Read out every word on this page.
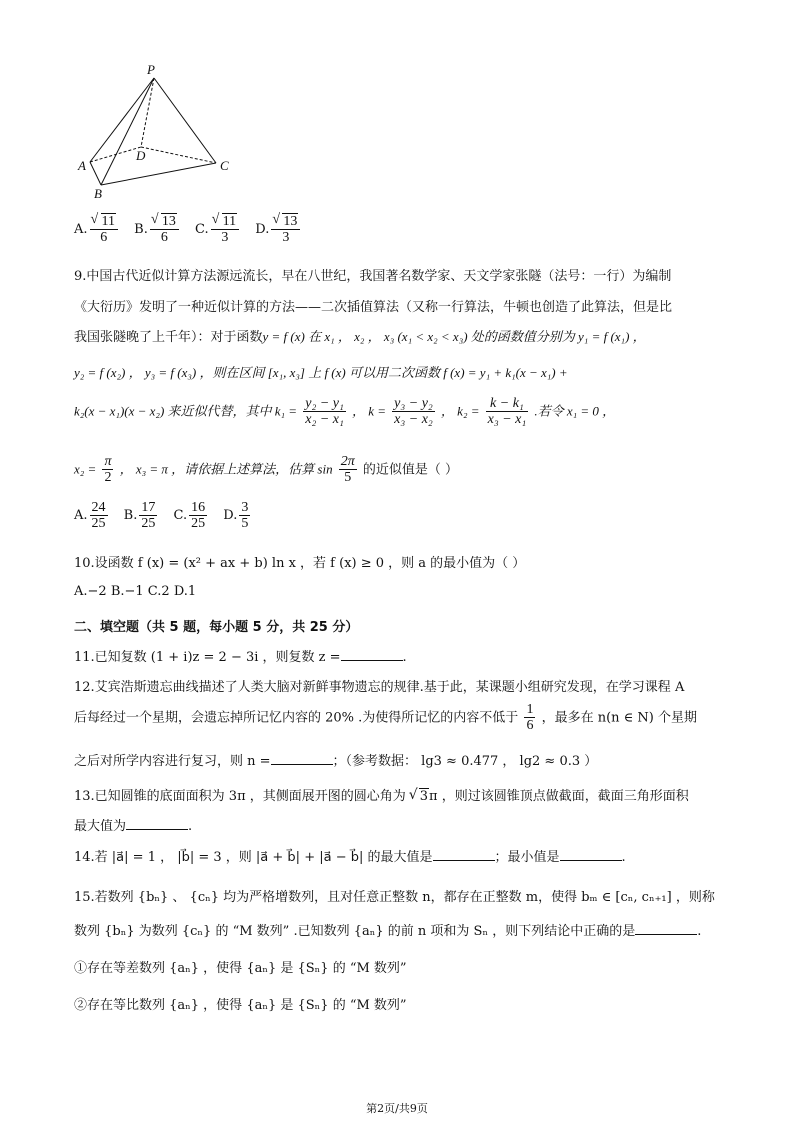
P
A
D
C
B
A. √ $\frac{11}{6} B$. √ $\frac{13}{6} C$. √ $\frac{11}{3} D$. √ $\frac{13}{3}$
9.中国古代近似计算方法源远流长，早在八世纪，我国著名数学家、天文学家张隧（法号：一行）为编制
《大衍历》发明了一种近似计算的方法——二次插值算法（又称一行算法，牛顿也创造了此算法，但是比
我国张隧晚了上千年）：对于函数y = f (x) 在 x₁ ， x₂ ， x₃ (x₁ < x₂ < x₃) 处的函数值分别为 y₁ = f (x₁) ，
y₂ = f (x₂) ， y₃ = f (x₃) ，则在区间 [x₁, x₃] 上 f (x) 可以用二次函数 f (x) = y₁ + k₁(x − x₁) +
k₂(x − x₁)(x − x₂) 来近似代替，其中 $k_1 = \frac{\text{y₂ − y₁}}{\text{x₂ − x₁}}$ ， $k = \frac{\text{y₃ − y₂}}{\text{x₃ − x₂}}$ ， $k_2 = \frac{\text{k − k₁}}{\text{x₃ − x₁}}$ .若令 x₁ = 0 ，
$x_2 = \frac{\pi}{2}$ ， x₃ = π ，请依据上述算法，估算 $\sin \frac{2\pi}{5}$ 的近似值是（ ）
A. $\frac{24}{25} B$. $\frac{17}{25} C$. $\frac{16}{25} D$. $\frac{3}{5}$
10.设函数 f (x) = (x² + ax + b) ln x ，若 f (x) ≥ 0 ，则 a 的最小值为（ ）
A.−2 B.−1 C.2 D.1
二、填空题（共 5 题，每小题 5 分，共 25 分）
11.已知复数 (1 + i)z = 2 − 3i ，则复数 z =	.
12.艾宾浩斯遗忘曲线描述了人类大脑对新鲜事物遗忘的规律.基于此，某课题小组研究发现，在学习课程 A
后每经过一个星期，会遗忘掉所记忆内容的 20% .为使得所记忆的内容不低于 $\frac{1}{6}$ ，最多在 n(n ∈ N) 个星期
之后对所学内容进行复习，则 n =	；（参考数据： lg3 ≈ 0.477 ， lg2 ≈ 0.3 ）
13.已知圆锥的底面面积为 3π ，其侧面展开图的圆心角为 √ 3π ，则过该圆锥顶点做截面，截面三角形面积
最大值为	.
14.若 |a⃗| = 1 ， |b⃗| = 3 ，则 |a⃗ + b⃗| + |a⃗ − b⃗| 的最大值是	；最小值是	.
15.若数列 {bₙ} 、 {cₙ} 均为严格增数列，且对任意正整数 n，都存在正整数 m，使得 bₘ ∈ [cₙ, cₙ₊₁] ，则称
数列 {bₙ} 为数列 {cₙ} 的 “M 数列” .已知数列 {aₙ} 的前 n 项和为 Sₙ ，则下列结论中正确的是	.
①存在等差数列 {aₙ} ，使得 {aₙ} 是 {Sₙ} 的 “M 数列”
②存在等比数列 {aₙ} ，使得 {aₙ} 是 {Sₙ} 的 “M 数列”
第2页/共9页
